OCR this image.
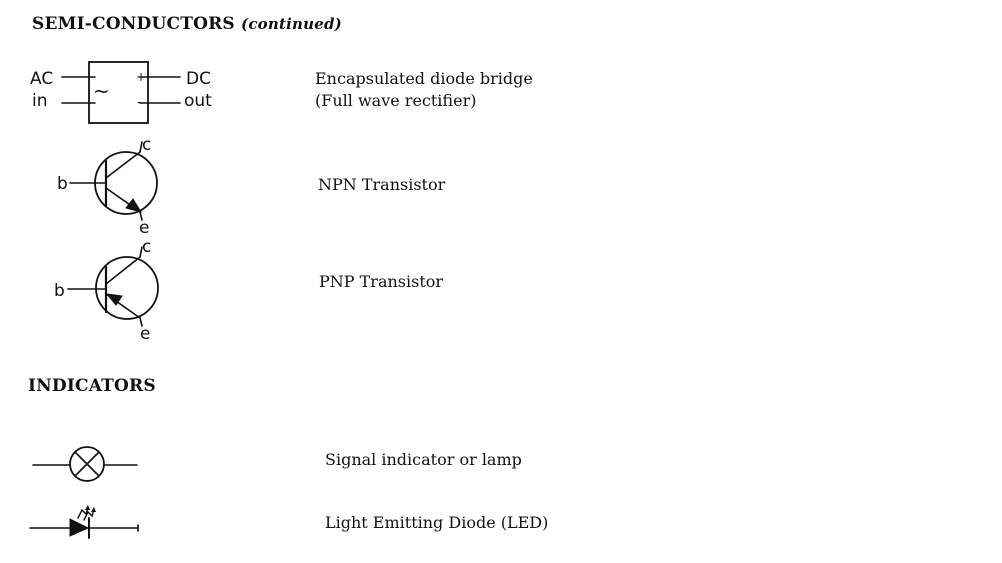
SEMI-CONDUCTORS (continued)
INDICATORS
AC
in
DC
out
~
+
-
Encapsulated diode bridge
(Full wave rectifier)
b
c
e
NPN Transistor
b
c
e
PNP Transistor
Signal indicator or lamp
Light Emitting Diode (LED)
